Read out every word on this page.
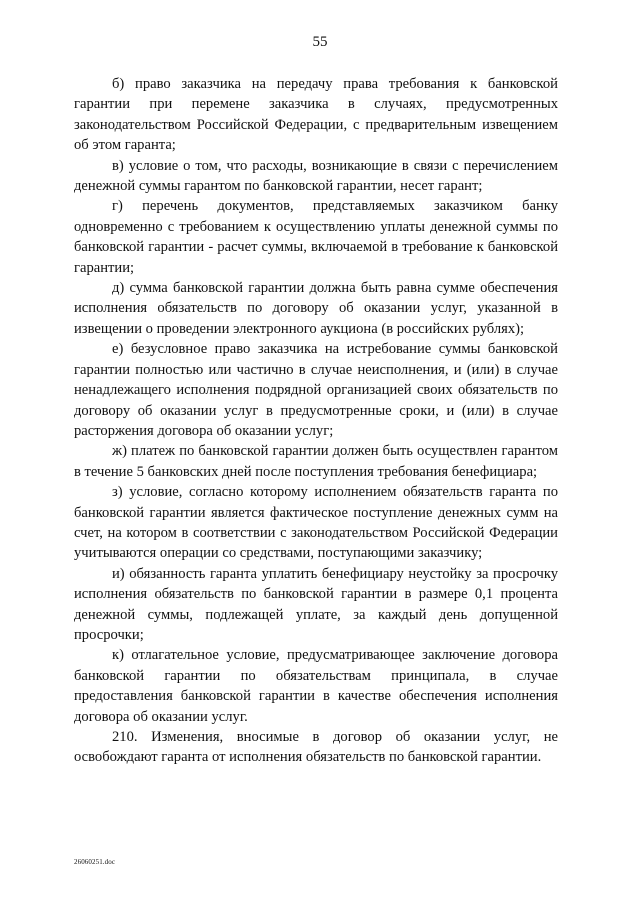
55

б) право заказчика на передачу права требования к банковской гарантии при перемене заказчика в случаях, предусмотренных законодательством Российской Федерации, с предварительным извещением об этом гаранта;

в) условие о том, что расходы, возникающие в связи с перечислением денежной суммы гарантом по банковской гарантии, несет гарант;

г) перечень документов, представляемых заказчиком банку одновременно с требованием к осуществлению уплаты денежной суммы по банковской гарантии - расчет суммы, включаемой в требование к банковской гарантии;

д) сумма банковской гарантии должна быть равна сумме обеспечения исполнения обязательств по договору об оказании услуг, указанной в извещении о проведении электронного аукциона (в российских рублях);

е) безусловное право заказчика на истребование суммы банковской гарантии полностью или частично в случае неисполнения, и (или) в случае ненадлежащего исполнения подрядной организацией своих обязательств по договору об оказании услуг в предусмотренные сроки, и (или) в случае расторжения договора об оказании услуг;

ж) платеж по банковской гарантии должен быть осуществлен гарантом в течение 5 банковских дней после поступления требования бенефициара;

з) условие, согласно которому исполнением обязательств гаранта по банковской гарантии является фактическое поступление денежных сумм на счет, на котором в соответствии с законодательством Российской Федерации учитываются операции со средствами, поступающими заказчику;

и) обязанность гаранта уплатить бенефициару неустойку за просрочку исполнения обязательств по банковской гарантии в размере 0,1 процента денежной суммы, подлежащей уплате, за каждый день допущенной просрочки;

к) отлагательное условие, предусматривающее заключение договора банковской гарантии по обязательствам принципала, в случае предоставления банковской гарантии в качестве обеспечения исполнения договора об оказании услуг.

210. Изменения, вносимые в договор об оказании услуг, не освобождают гаранта от исполнения обязательств по банковской гарантии.

26060251.doc
